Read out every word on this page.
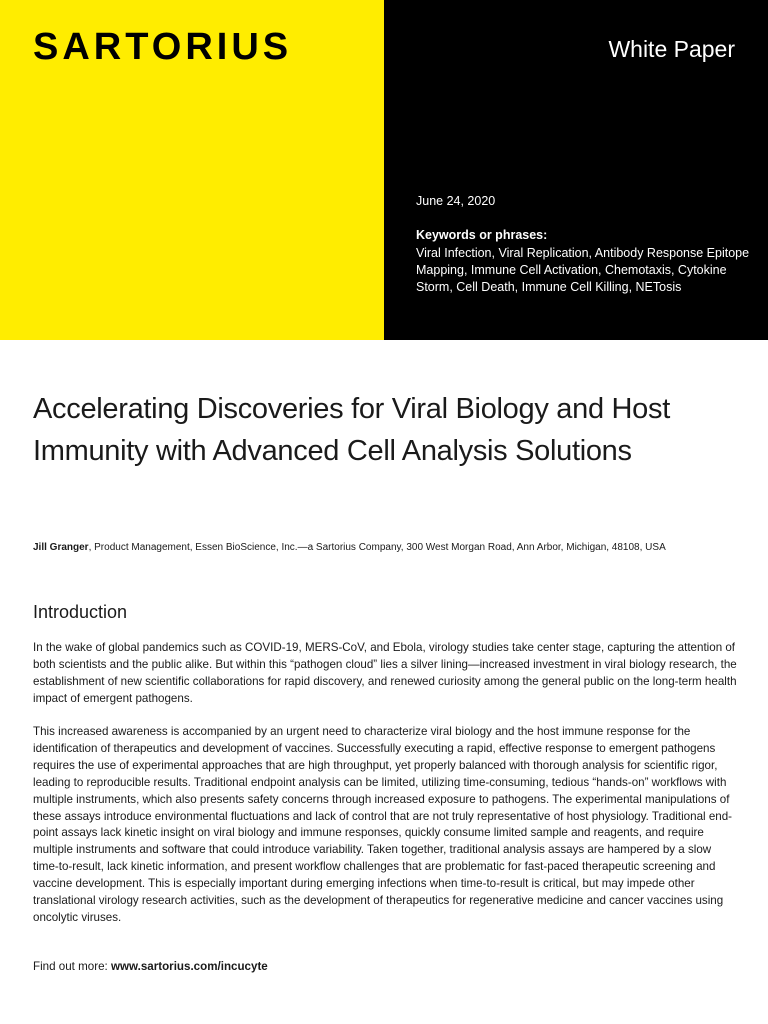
SARTORIUS	White Paper
June 24, 2020
Keywords or phrases:
Viral Infection, Viral Replication, Antibody Response Epitope Mapping, Immune Cell Activation, Chemotaxis, Cytokine Storm, Cell Death, Immune Cell Killing, NETosis
Accelerating Discoveries for Viral Biology and Host Immunity with Advanced Cell Analysis Solutions
Jill Granger, Product Management, Essen BioScience, Inc.—a Sartorius Company, 300 West Morgan Road, Ann Arbor, Michigan, 48108, USA
Introduction

In the wake of global pandemics such as COVID-19, MERS-CoV, and Ebola, virology studies take center stage, capturing the attention of both scientists and the public alike. But within this “pathogen cloud” lies a silver lining—increased investment in viral biology research, the establishment of new scientific collaborations for rapid discovery, and renewed curiosity among the general public on the long-term health impact of emergent pathogens.

This increased awareness is accompanied by an urgent need to characterize viral biology and the host immune response for the identification of therapeutics and development of vaccines. Successfully executing a rapid, effective response to emergent pathogens requires the use of experimental approaches that are high throughput, yet properly balanced with thorough analysis for scientific rigor, leading to reproducible results. Traditional endpoint analysis can be limited, utilizing time-consuming, tedious “hands-on” workflows with multiple instruments, which also presents safety concerns through increased exposure to pathogens. The experimental manipulations of these assays introduce environmental fluctuations and lack of control that are not truly representative of host physiology. Traditional end-point assays lack kinetic insight on viral biology and immune responses, quickly consume limited sample and reagents, and require multiple instruments and software that could introduce variability. Taken together, traditional analysis assays are hampered by a slow time-to-result, lack kinetic information, and present workflow challenges that are problematic for fast-paced therapeutic screening and vaccine development. This is especially important during emerging infections when time-to-result is critical, but may impede other translational virology research activities, such as the development of therapeutics for regenerative medicine and cancer vaccines using oncolytic viruses.

Find out more: www.sartorius.com/incucyte
